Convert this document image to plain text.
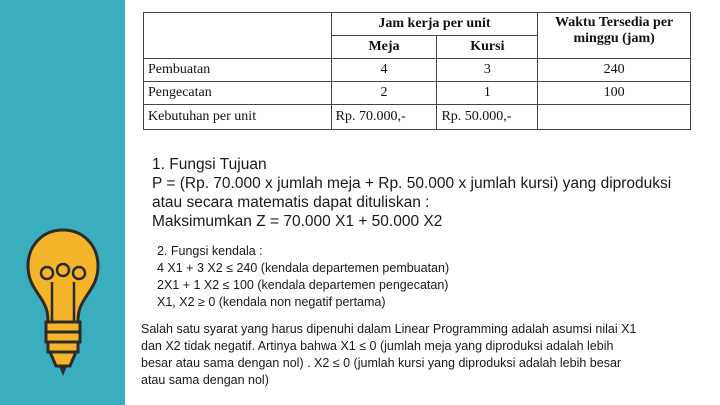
	Jam kerja per unit		Waktu Tersedia per minggu (jam)
	Meja	Kursi	
Pembuatan	4	3	240
Pengecatan	2	1	100
Kebutuhan per unit	Rp. 70.000,-	Rp. 50.000,-	
1. Fungsi Tujuan
P = (Rp. 70.000 x jumlah meja + Rp. 50.000 x jumlah kursi) yang diproduksi
atau secara matematis dapat dituliskan :
Maksimumkan Z = 70.000 X1 + 50.000 X2
2. Fungsi kendala :
4 X1 + 3 X2 ≤ 240 (kendala departemen pembuatan)
2X1 + 1 X2 ≤ 100 (kendala departemen pengecatan)
X1, X2 ≥ 0 (kendala non negatif pertama)
Salah satu syarat yang harus dipenuhi dalam Linear Programming adalah asumsi nilai X1
dan X2 tidak negatif. Artinya bahwa X1 ≤ 0 (jumlah meja yang diproduksi adalah lebih
besar atau sama dengan nol) . X2 ≤ 0 (jumlah kursi yang diproduksi adalah lebih besar
atau sama dengan nol)
